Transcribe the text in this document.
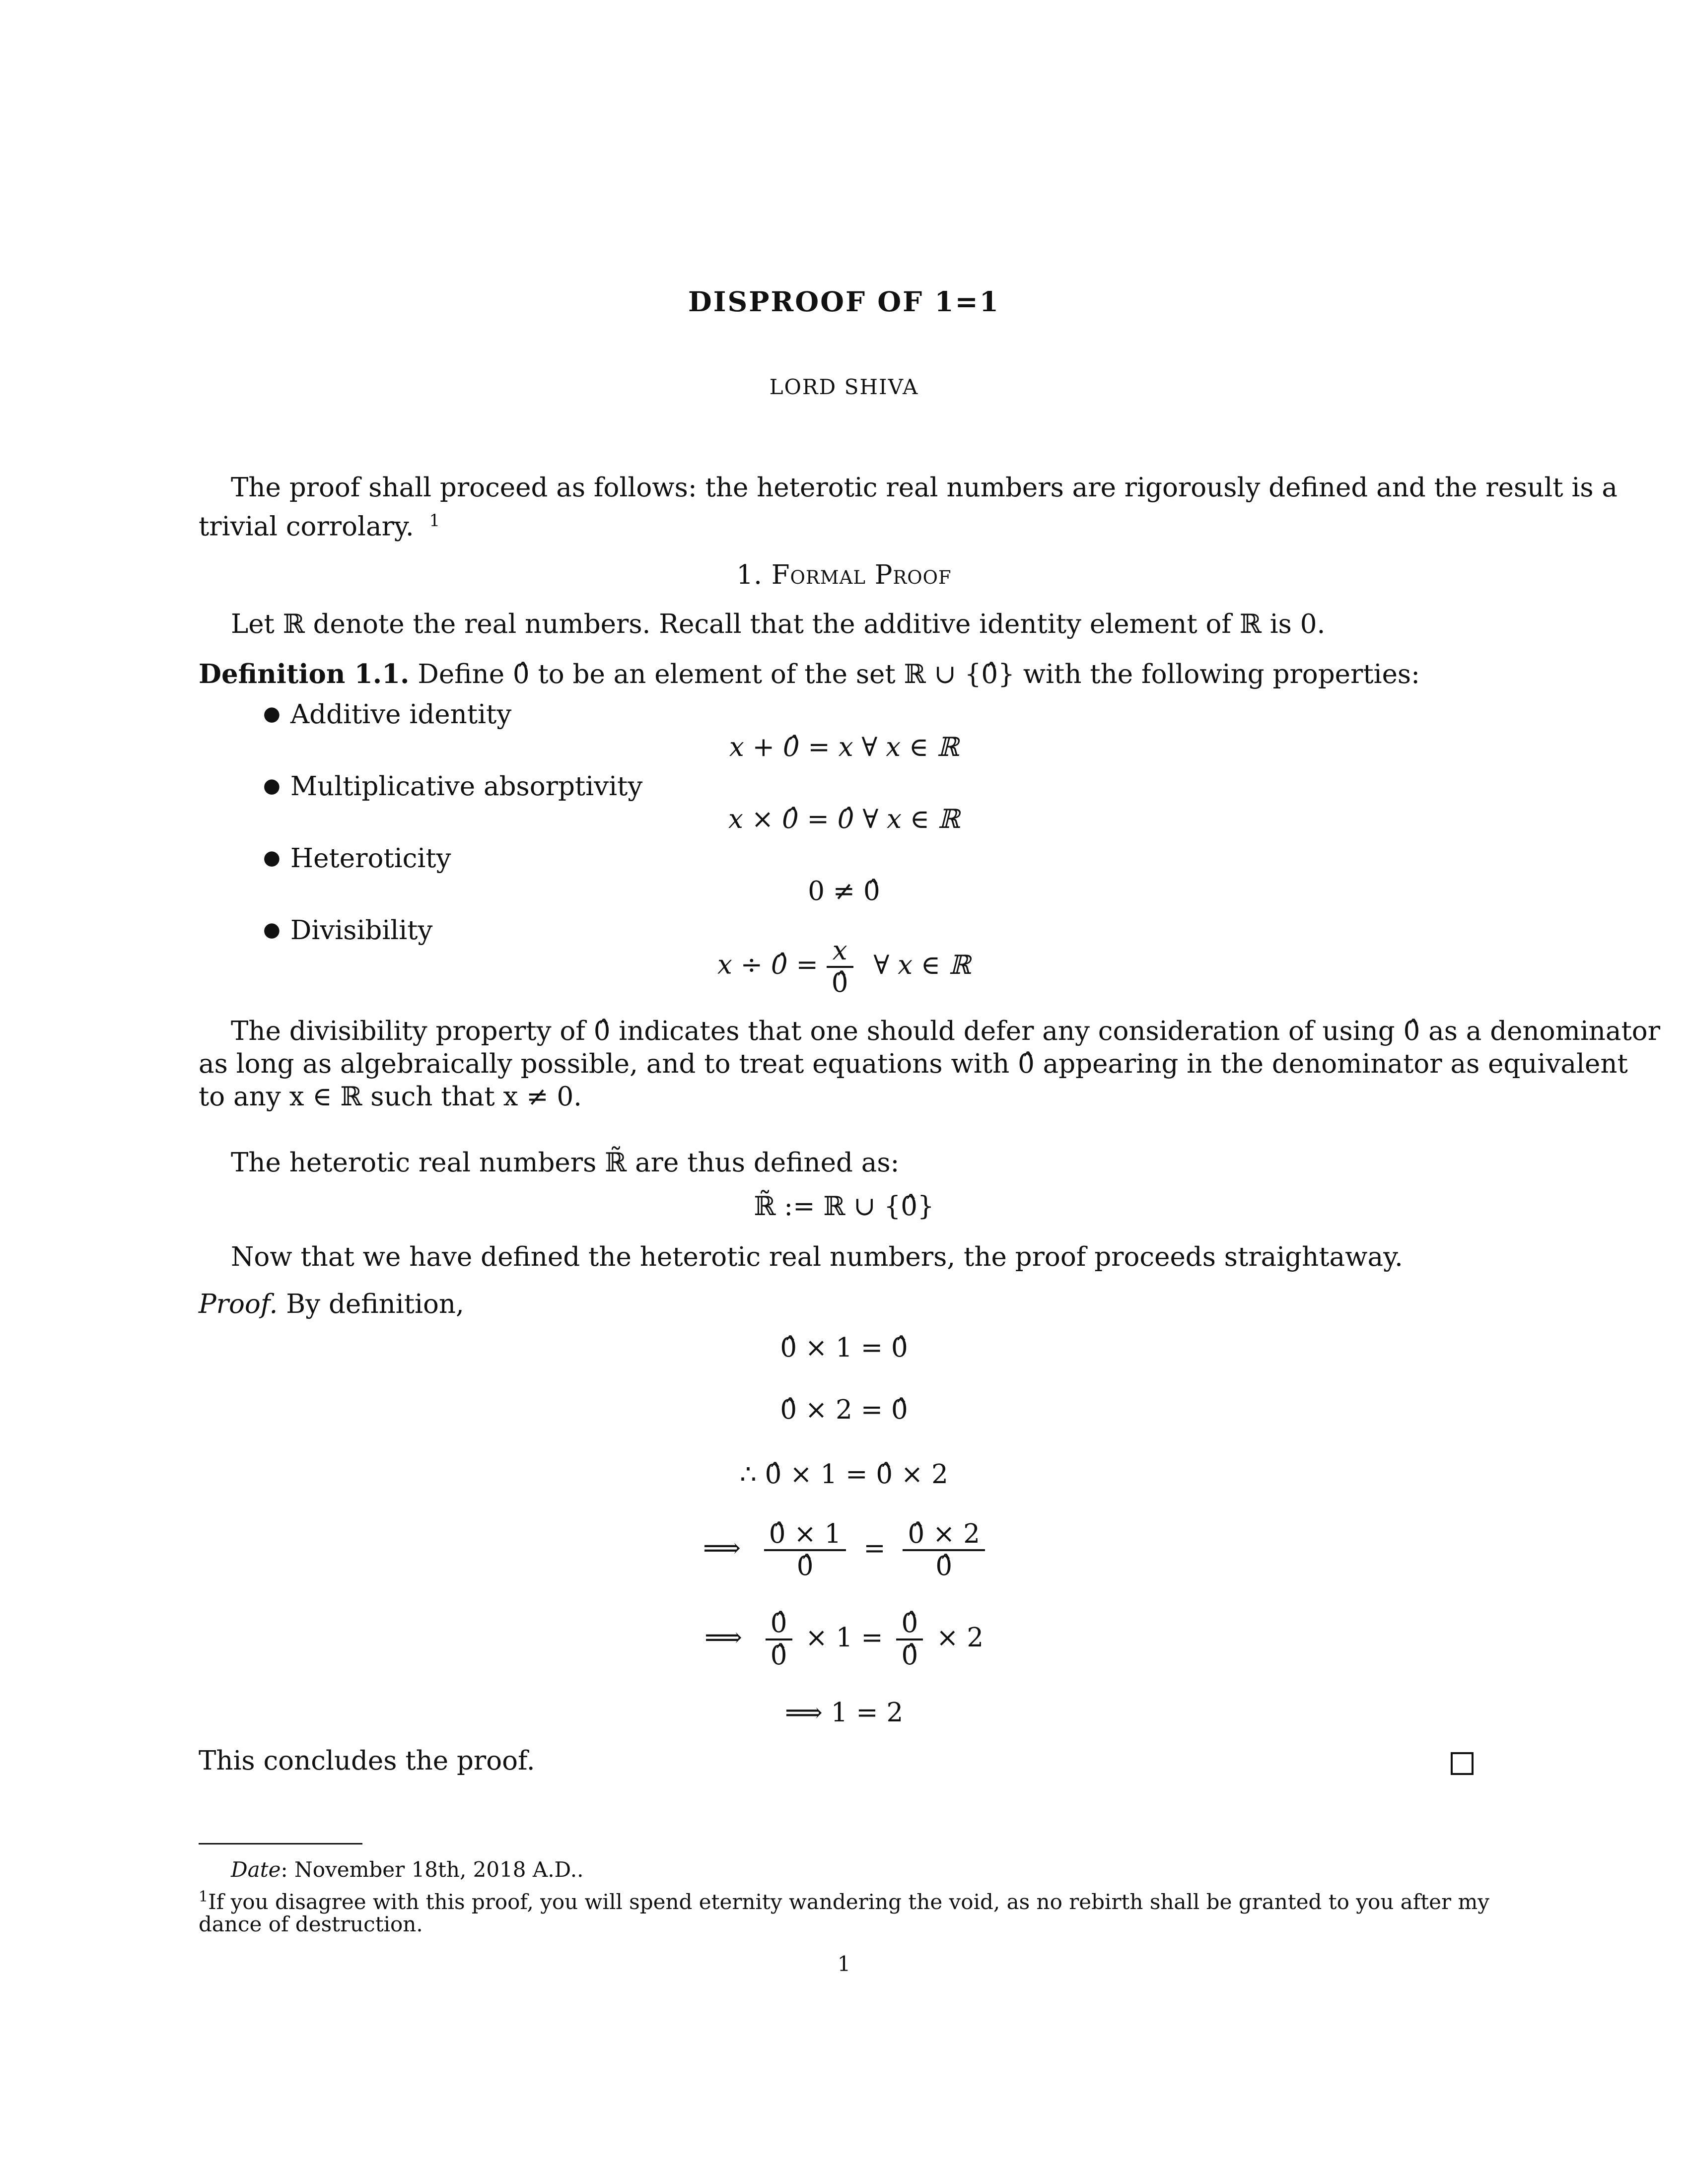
DISPROOF OF 1=1
LORD SHIVA
The proof shall proceed as follows: the heterotic real numbers are rigorously defined and the result is a
trivial corrolary. $^1$
1. Formal Proof
Let ℝ denote the real numbers. Recall that the additive identity element of ℝ is 0.
Definition 1.1. Define 0̂ to be an element of the set ℝ ∪ {0̂} with the following properties:
● Additive identity
x + 0̂ = x ∀ x ∈ ℝ
● Multiplicative absorptivity
x × 0̂ = 0̂ ∀ x ∈ ℝ
● Heteroticity
0 ≠ 0̂
● Divisibility
x ÷ 0̂ = $\frac{x}{0̂}$ ∀ x ∈ ℝ
The divisibility property of 0̂ indicates that one should defer any consideration of using 0̂ as a denominator
as long as algebraically possible, and to treat equations with 0̂ appearing in the denominator as equivalent
to any x ∈ ℝ such that x ≠ 0.
The heterotic real numbers ℝ̃ are thus defined as:
ℝ̃ := ℝ ∪ {0̂}
Now that we have defined the heterotic real numbers, the proof proceeds straightaway.
Proof. By definition,
0̂ × 1 = 0̂
0̂ × 2 = 0̂
∴ 0̂ × 1 = 0̂ × 2
⟹ $\frac{0̂ \times 1}{0̂} = \frac{0̂ \times 2}{0̂}$
⟹ $\frac{0̂}{0̂} \times 1 = \frac{0̂}{0̂} \times 2$
⟹ 1 = 2
This concludes the proof.
Date: November 18th, 2018 A.D..
$^1$If you disagree with this proof, you will spend eternity wandering the void, as no rebirth shall be granted to you after my
dance of destruction.
1
